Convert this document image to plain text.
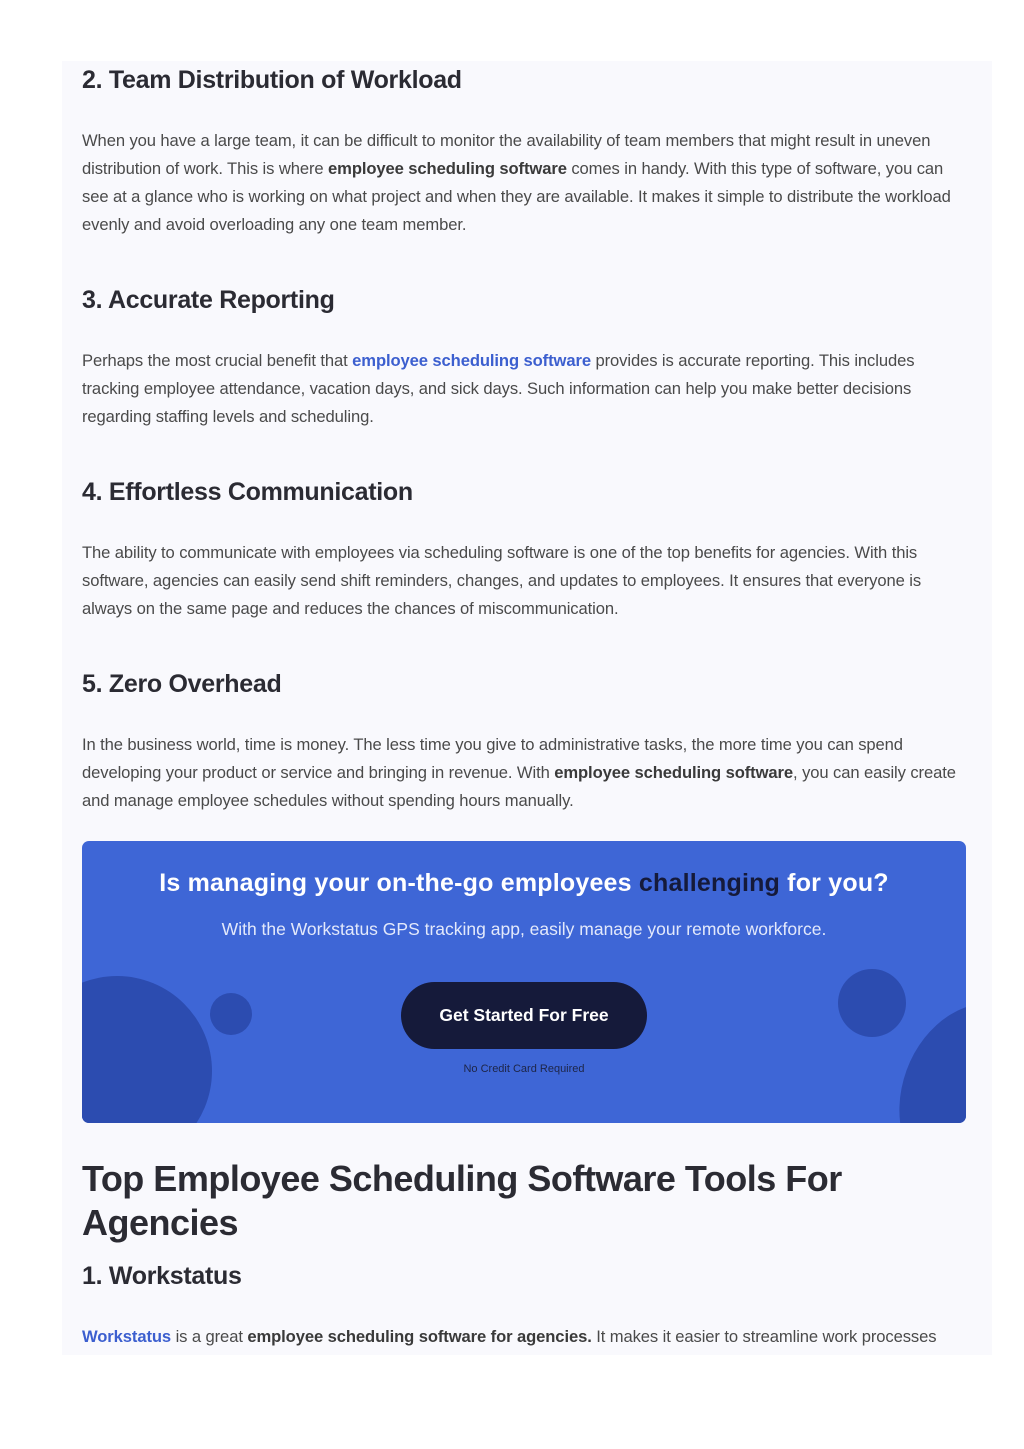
2. Team Distribution of Workload

When you have a large team, it can be difficult to monitor the availability of team members that might result in uneven distribution of work. This is where employee scheduling software comes in handy. With this type of software, you can see at a glance who is working on what project and when they are available. It makes it simple to distribute the workload evenly and avoid overloading any one team member.

3. Accurate Reporting

Perhaps the most crucial benefit that employee scheduling software provides is accurate reporting. This includes tracking employee attendance, vacation days, and sick days. Such information can help you make better decisions regarding staffing levels and scheduling.

4. Effortless Communication

The ability to communicate with employees via scheduling software is one of the top benefits for agencies. With this software, agencies can easily send shift reminders, changes, and updates to employees. It ensures that everyone is always on the same page and reduces the chances of miscommunication.

5. Zero Overhead

In the business world, time is money. The less time you give to administrative tasks, the more time you can spend developing your product or service and bringing in revenue. With employee scheduling software, you can easily create and manage employee schedules without spending hours manually.

Is managing your on-the-go employees challenging for you?
With the Workstatus GPS tracking app, easily manage your remote workforce.
Get Started For Free
No Credit Card Required
Top Employee Scheduling Software Tools For Agencies
1. Workstatus

Workstatus is a great employee scheduling software for agencies. It makes it easier to streamline work processes
